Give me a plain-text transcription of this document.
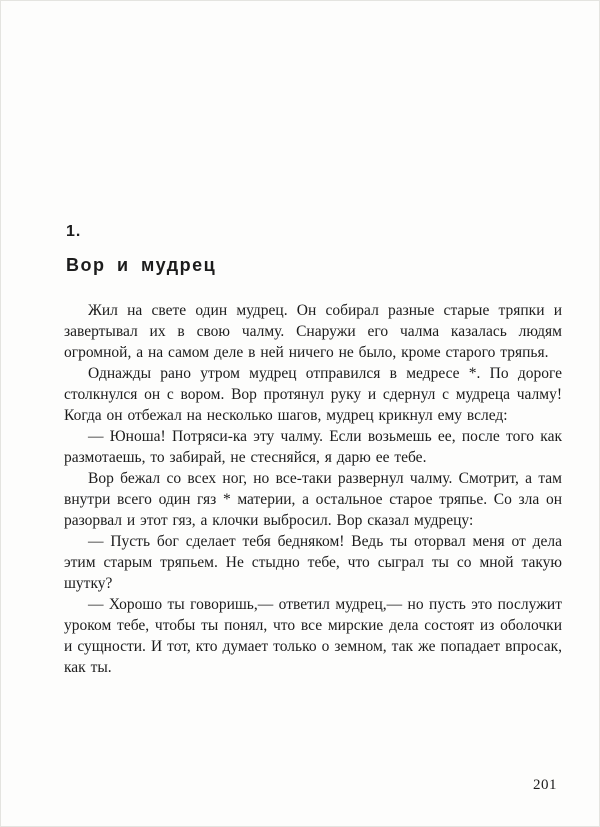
1.
Вор и мудрец

Жил на свете один мудрец. Он собирал разные старые тряпки и завертывал их в свою чалму. Снаружи его чалма казалась людям огромной, а на самом деле в ней ничего не было, кроме старого тряпья.

Однажды рано утром мудрец отправился в медресе *. По дороге столкнулся он с вором. Вор протянул руку и сдернул с мудреца чалму! Когда он отбежал на несколько шагов, мудрец крикнул ему вслед:

— Юноша! Потряси-ка эту чалму. Если возьмешь ее, после того как размотаешь, то забирай, не стесняйся, я дарю ее тебе.

Вор бежал со всех ног, но все-таки развернул чалму. Смотрит, а там внутри всего один гяз * материи, а остальное старое тряпье. Со зла он разорвал и этот гяз, а клочки выбросил. Вор сказал мудрецу:

— Пусть бог сделает тебя бедняком! Ведь ты оторвал меня от дела этим старым тряпьем. Не стыдно тебе, что сыграл ты со мной такую шутку?

— Хорошо ты говоришь,— ответил мудрец,— но пусть это послужит уроком тебе, чтобы ты понял, что все мирские дела состоят из оболочки и сущности. И тот, кто думает только о земном, так же попадает впросак, как ты.

201
